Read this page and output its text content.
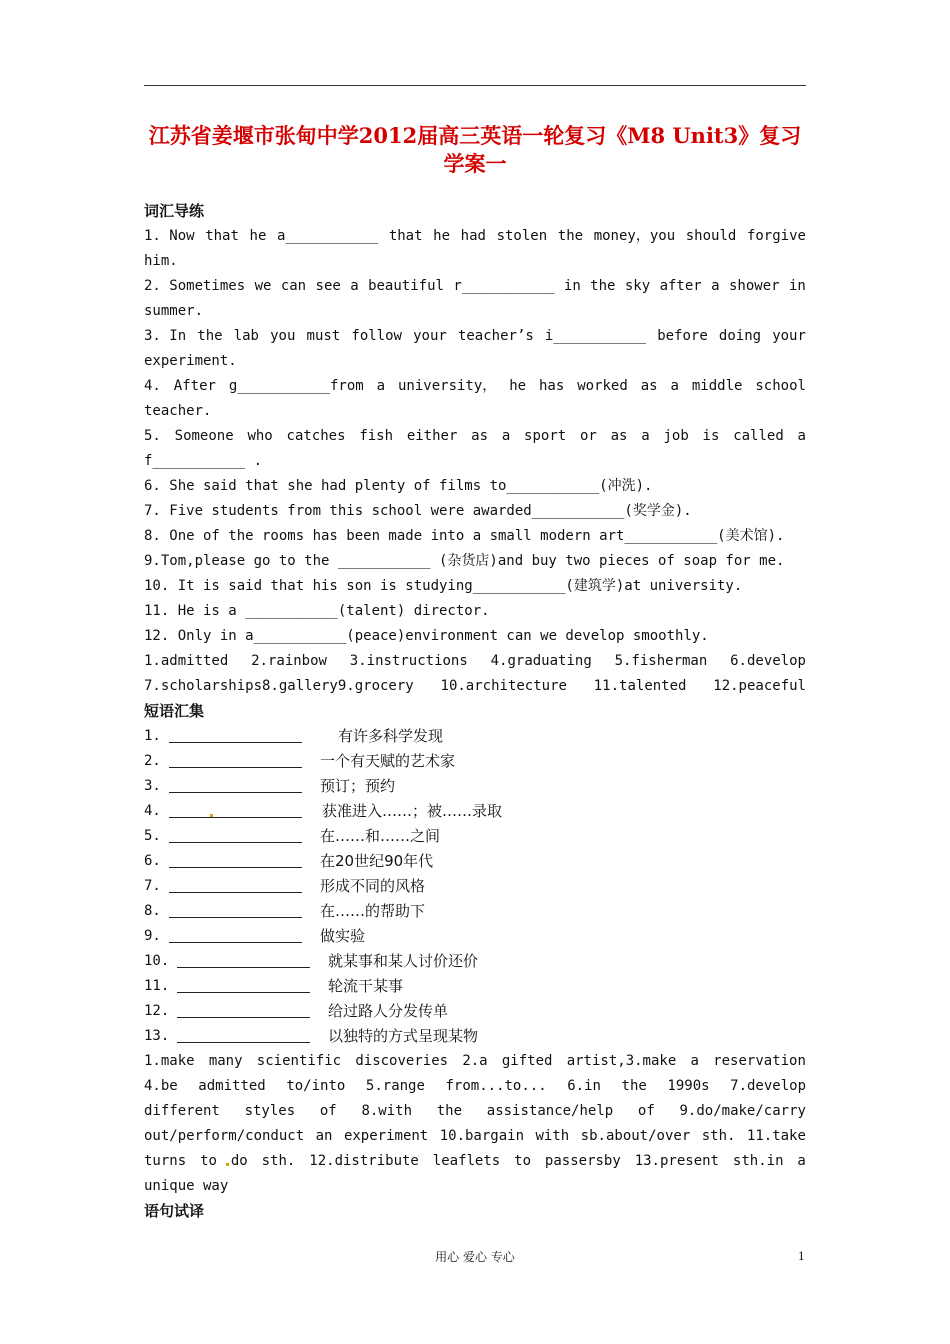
江苏省姜堰市张甸中学2012届高三英语一轮复习《M8 Unit3》复习学案一
词汇导练
1. Now that he a___________ that he had stolen the money，you should forgive
him.
2. Sometimes we can see a beautiful r___________ in the sky after a shower in
summer.
3. In the lab you must follow your teacher’s i___________ before doing your
experiment.
4. After g___________from a university， he has worked as a middle school
teacher.
5. Someone who catches fish either as a sport or as a job is called a
f___________ .
6. She said that she had plenty of films to___________(冲洗).
7. Five students from this school were awarded___________(奖学金).
8. One of the rooms has been made into a small modern art___________(美术馆).
9.Tom,please go to the ___________ (杂货店)and buy two pieces of soap for me.
10. It is said that his son is studying___________(建筑学)at university.
11. He is a ___________(talent) director.
12. Only in a___________(peace)environment can we develop smoothly.
1.admitted 2.rainbow 3.instructions 4.graduating 5.fisherman 6.develop
7.scholarships8.gallery9.grocery 10.architecture 11.talented 12.peaceful
短语汇集
1.	有许多科学发现
2.	一个有天赋的艺术家
3.	预订；预约
4.	获准进入……；被……录取
5.	在……和……之间
6.	在20世纪90年代
7.	形成不同的风格
8.	在……的帮助下
9.	做实验
10.	就某事和某人讨价还价
11.	轮流干某事
12.	给过路人分发传单
13.	以独特的方式呈现某物
1.make many scientific discoveries 2.a gifted artist,3.make a reservation
4.be admitted to/into 5.range from...to... 6.in the 1990s 7.develop
different styles of 8.with the assistance/help of 9.do/make/carry
out/perform/conduct an experiment 10.bargain with sb.about/over sth. 11.take
turns to do sth. 12.distribute leaflets to passersby 13.present sth.in a
unique way
语句试译
用心 爱心 专心	1
